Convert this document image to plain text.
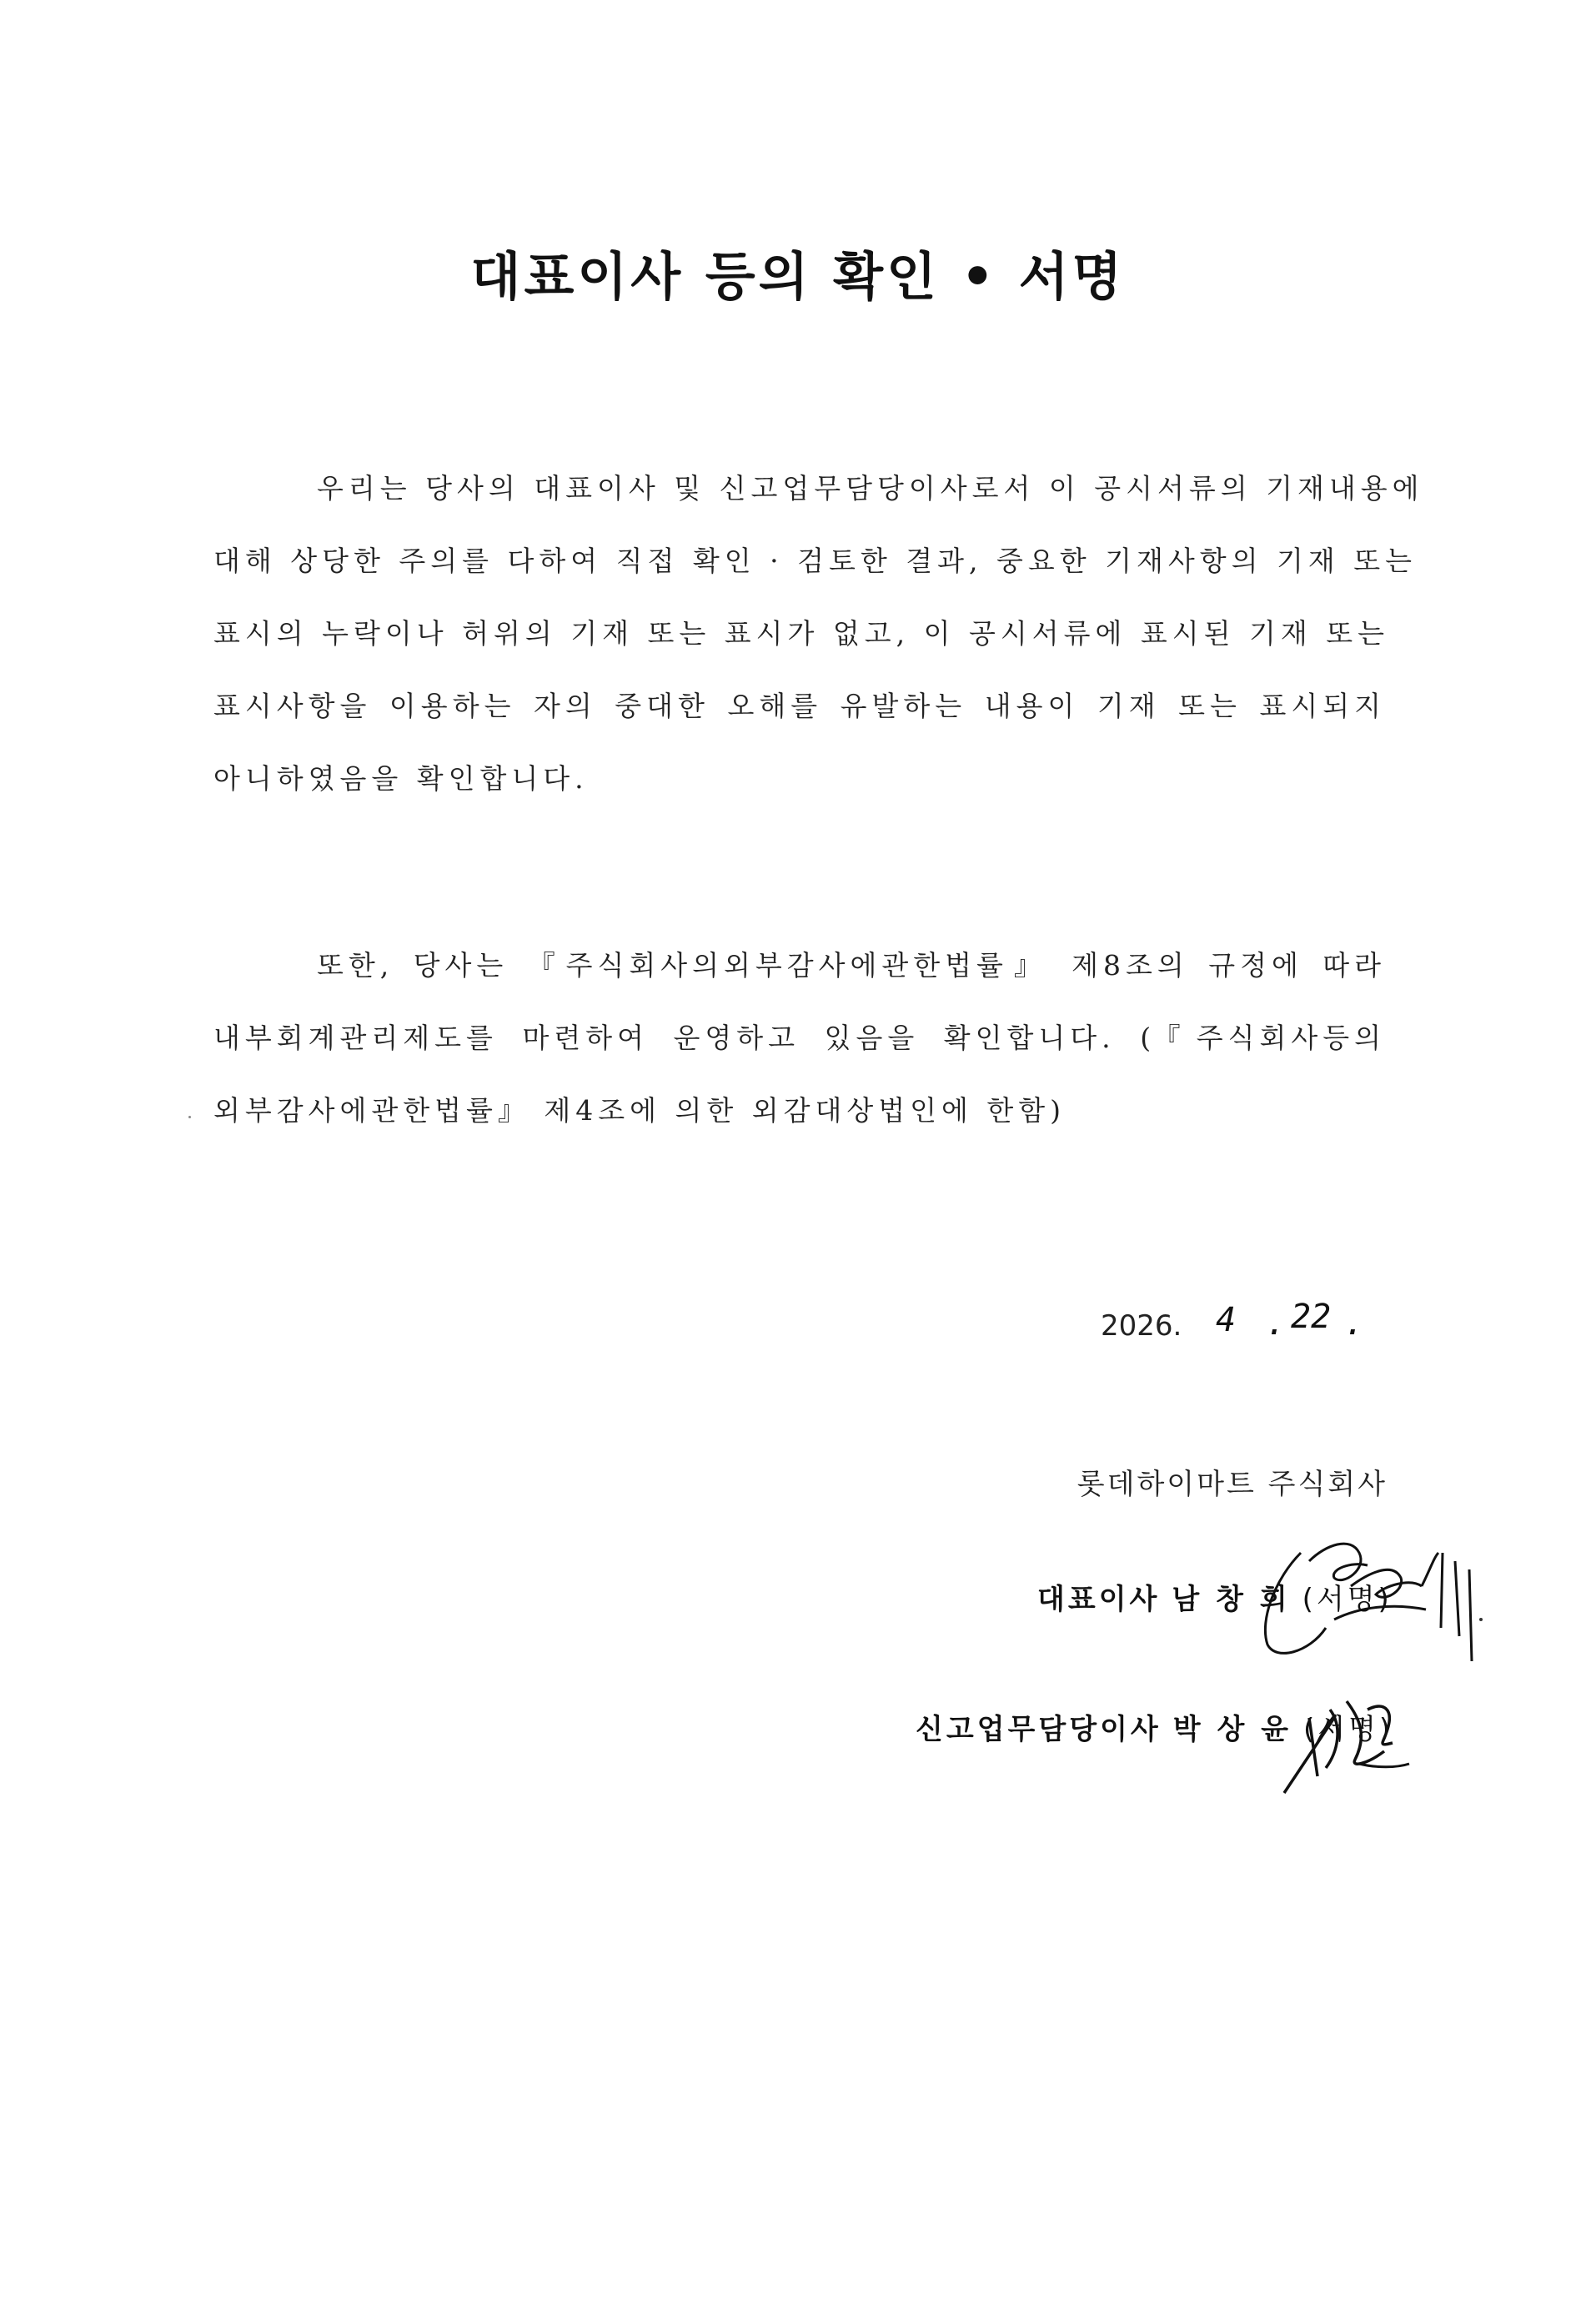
대표이사 등의 확인 • 서명
우리는 당사의 대표이사 및 신고업무담당이사로서 이 공시서류의 기재내용에
대해 상당한 주의를 다하여 직접 확인 · 검토한 결과, 중요한 기재사항의 기재 또는
표시의 누락이나 허위의 기재 또는 표시가 없고, 이 공시서류에 표시된 기재 또는
표시사항을 이용하는 자의 중대한 오해를 유발하는 내용이 기재 또는 표시되지
아니하였음을 확인합니다.
또한, 당사는 『주식회사의외부감사에관한법률』 제8조의 규정에 따라
내부회계관리제도를 마련하여 운영하고 있음을 확인합니다. (『주식회사등의
외부감사에관한법률』 제4조에 의한 외감대상법인에 한함)
2026. 4 . 22 .
롯데하이마트 주식회사
대표이사 남 창 희 (서명)
신고업무담당이사 박 상 윤 (서명)
